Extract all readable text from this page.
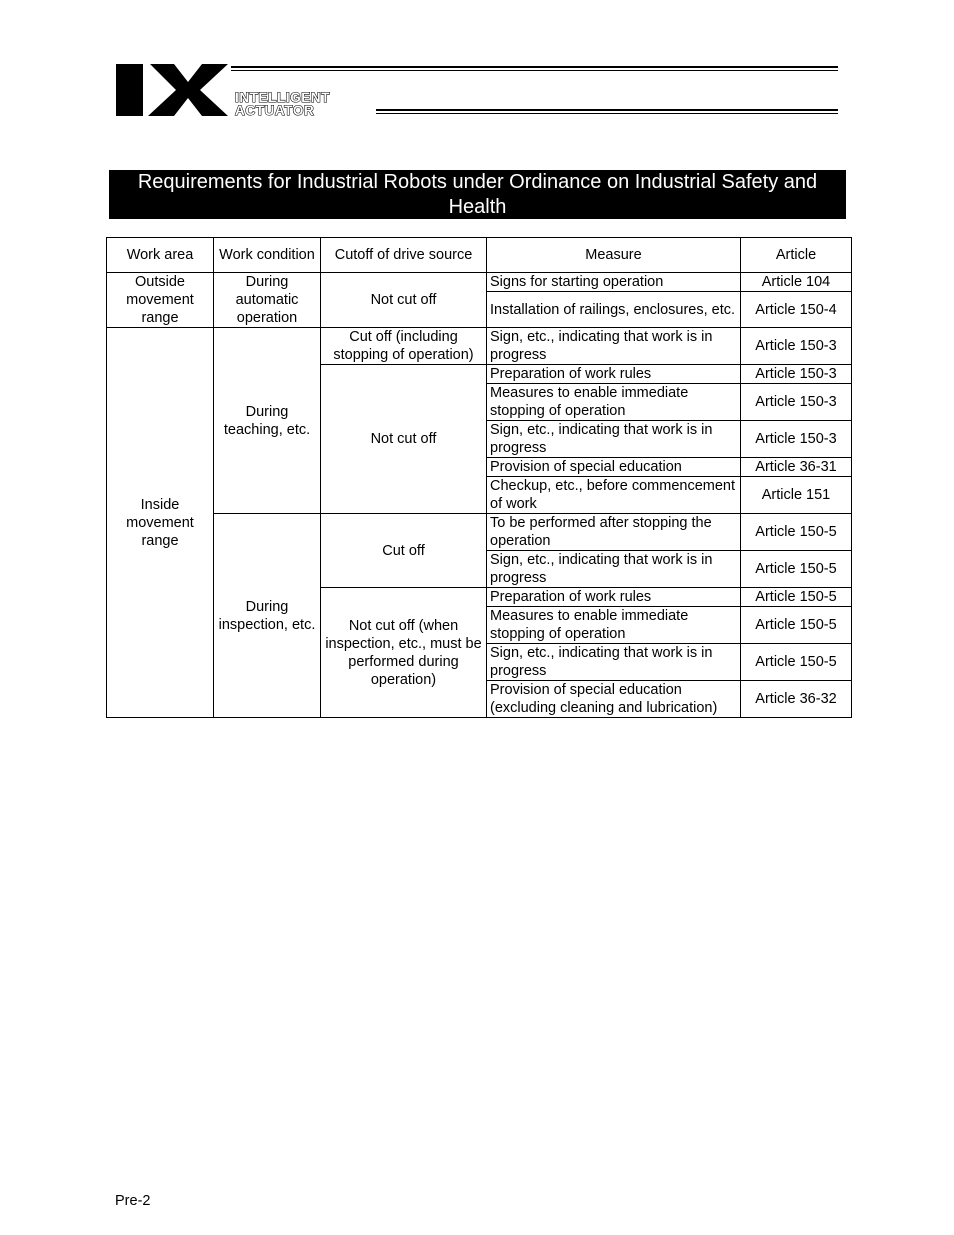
INTELLIGENT
ACTUATOR
Requirements for Industrial Robots under Ordinance on Industrial Safety and Health
Work area	Work condition	Cutoff of drive source	Measure	Article
Outside movement range	During automatic operation	Not cut off	Signs for starting operation	Article 104
			Installation of railings, enclosures, etc.	Article 150-4
Inside movement range	During teaching, etc.	Cut off (including stopping of operation)	Sign, etc., indicating that work is in progress	Article 150-3
		Not cut off	Preparation of work rules	Article 150-3
			Measures to enable immediate stopping of operation	Article 150-3
			Sign, etc., indicating that work is in progress	Article 150-3
			Provision of special education	Article 36-31
			Checkup, etc., before commencement of work	Article 151
	During inspection, etc.	Cut off	To be performed after stopping the operation	Article 150-5
			Sign, etc., indicating that work is in progress	Article 150-5
		Not cut off (when inspection, etc., must be performed during operation)	Preparation of work rules	Article 150-5
			Measures to enable immediate stopping of operation	Article 150-5
			Sign, etc., indicating that work is in progress	Article 150-5
			Provision of special education (excluding cleaning and lubrication)	Article 36-32
Pre-2
